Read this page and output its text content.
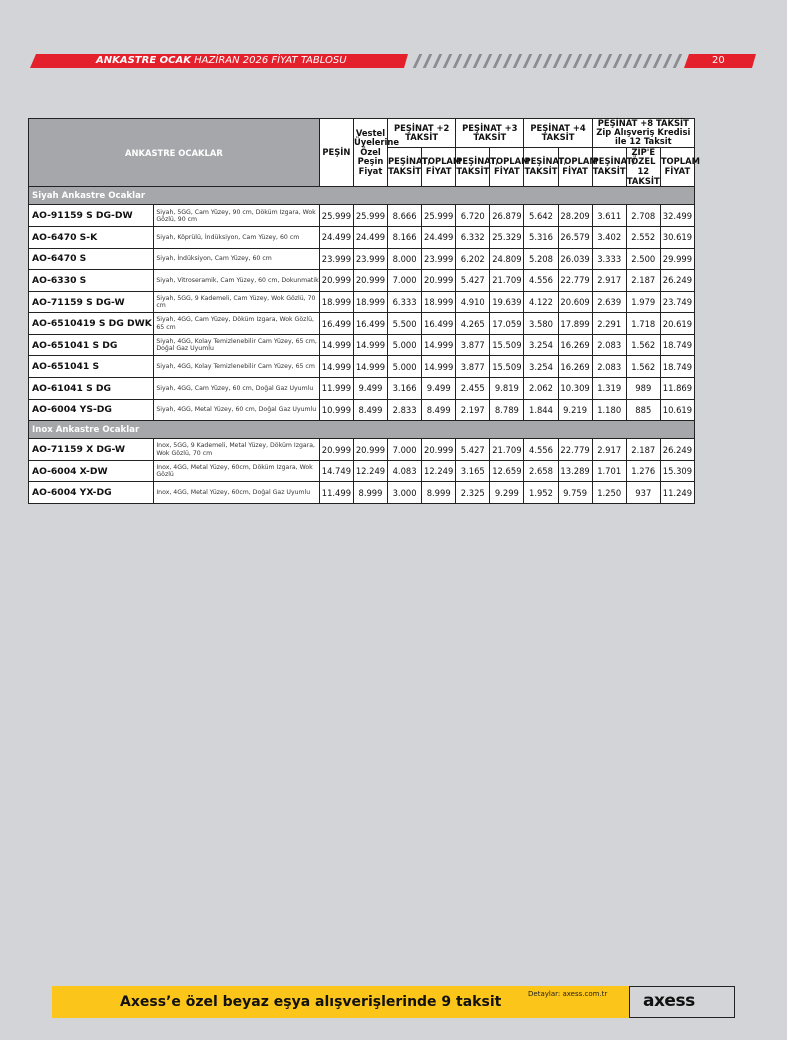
ANKASTRE OCAK HAZİRAN 2026 FİYAT TABLOSU	20
ANKASTRE OCAKLAR		PEŞİN	Vestel Üyelerine Özel Peşin Fiyat	PEŞİNAT +2 TAKSİT		PEŞİNAT +3 TAKSİT		PEŞİNAT +4 TAKSİT		PEŞİNAT +8 TAKSİT Zip Alışveriş Kredisi ile 12 Taksit		
				PEŞİNAT/ TAKSİT	TOPLAM FİYAT	PEŞİNAT/ TAKSİT	TOPLAM FİYAT	PEŞİNAT/ TAKSİT	TOPLAM FİYAT	PEŞİNAT/ TAKSİT	ZİP'E ÖZEL 12 TAKSİT	TOPLAM FİYAT
Siyah Ankastre Ocaklar												
AO-91159 S DG-DW	Siyah, 5GG, Cam Yüzey, 90 cm, Döküm Izgara, Wok Gözlü, 90 cm	25.999	25.999	8.666	25.999	6.720	26.879	5.642	28.209	3.611	2.708	32.499
AO-6470 S-K	Siyah, Köprülü, İndüksiyon, Cam Yüzey, 60 cm	24.499	24.499	8.166	24.499	6.332	25.329	5.316	26.579	3.402	2.552	30.619
AO-6470 S	Siyah, İndüksiyon, Cam Yüzey, 60 cm	23.999	23.999	8.000	23.999	6.202	24.809	5.208	26.039	3.333	2.500	29.999
AO-6330 S	Siyah, Vitroseramik, Cam Yüzey, 60 cm, Dokunmatik	20.999	20.999	7.000	20.999	5.427	21.709	4.556	22.779	2.917	2.187	26.249
AO-71159 S DG-W	Siyah, 5GG, 9 Kademeli, Cam Yüzey, Wok Gözlü, 70 cm	18.999	18.999	6.333	18.999	4.910	19.639	4.122	20.609	2.639	1.979	23.749
AO-6510419 S DG DWK	Siyah, 4GG, Cam Yüzey, Döküm Izgara, Wok Gözlü, 65 cm	16.499	16.499	5.500	16.499	4.265	17.059	3.580	17.899	2.291	1.718	20.619
AO-651041 S DG	Siyah, 4GG, Kolay Temizlenebilir Cam Yüzey, 65 cm, Doğal Gaz Uyumlu	14.999	14.999	5.000	14.999	3.877	15.509	3.254	16.269	2.083	1.562	18.749
AO-651041 S	Siyah, 4GG, Kolay Temizlenebilir Cam Yüzey, 65 cm	14.999	14.999	5.000	14.999	3.877	15.509	3.254	16.269	2.083	1.562	18.749
AO-61041 S DG	Siyah, 4GG, Cam Yüzey, 60 cm, Doğal Gaz Uyumlu	11.999	9.499	3.166	9.499	2.455	9.819	2.062	10.309	1.319	989	11.869
AO-6004 YS-DG	Siyah, 4GG, Metal Yüzey, 60 cm, Doğal Gaz Uyumlu	10.999	8.499	2.833	8.499	2.197	8.789	1.844	9.219	1.180	885	10.619
Inox Ankastre Ocaklar												
AO-71159 X DG-W	Inox, 5GG, 9 Kademeli, Metal Yüzey, Döküm Izgara, Wok Gözlü, 70 cm	20.999	20.999	7.000	20.999	5.427	21.709	4.556	22.779	2.917	2.187	26.249
AO-6004 X-DW	Inox, 4GG, Metal Yüzey, 60cm, Döküm Izgara, Wok Gözlü	14.749	12.249	4.083	12.249	3.165	12.659	2.658	13.289	1.701	1.276	15.309
AO-6004 YX-DG	Inox, 4GG, Metal Yüzey, 60cm, Doğal Gaz Uyumlu	11.499	8.999	3.000	8.999	2.325	9.299	1.952	9.759	1.250	937	11.249
Axess’e özel beyaz eşya alışverişlerinde 9 taksit	Detaylar: axess.com.tr axess
